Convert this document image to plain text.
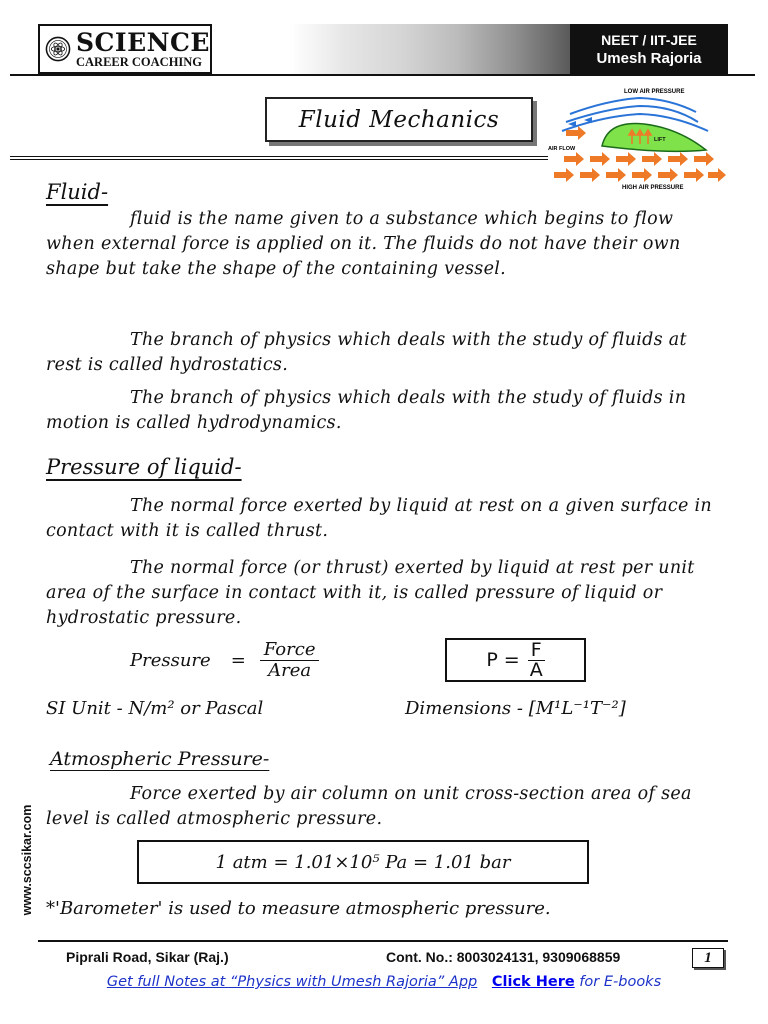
SCIENCE
CAREER COACHING
NEET / IIT-JEE
Umesh Rajoria
Fluid Mechanics
LOW AIR PRESSURE
LIFT
AIR FLOW
HIGH AIR PRESSURE
Fluid-
fluid is the name given to a substance which begins to flow when external force is applied on it. The fluids do not have their own shape but take the shape of the containing vessel.
The branch of physics which deals with the study of fluids at rest is called hydrostatics.
The branch of physics which deals with the study of fluids in motion is called hydrodynamics.
Pressure of liquid-
The normal force exerted by liquid at rest on a given surface in contact with it is called thrust.
The normal force (or thrust) exerted by liquid at rest per unit area of the surface in contact with it, is called pressure of liquid or hydrostatic pressure.
Pressure = $\frac{\text{Force}}{\text{Area}}$	$P = \frac{F}{A}$
SI Unit - N/m² or Pascal	Dimensions - [M¹L⁻¹T⁻²]
Atmospheric Pressure-
Force exerted by air column on unit cross-section area of sea level is called atmospheric pressure.
1 atm = 1.01×10⁵ Pa = 1.01 bar
*'Barometer' is used to measure atmospheric pressure.
www.sccsikar.com
Piprali Road, Sikar (Raj.)	Cont. No.: 8003024131, 9309068859	1
Get full Notes at “Physics with Umesh Rajoria” App Click Here for E-books
